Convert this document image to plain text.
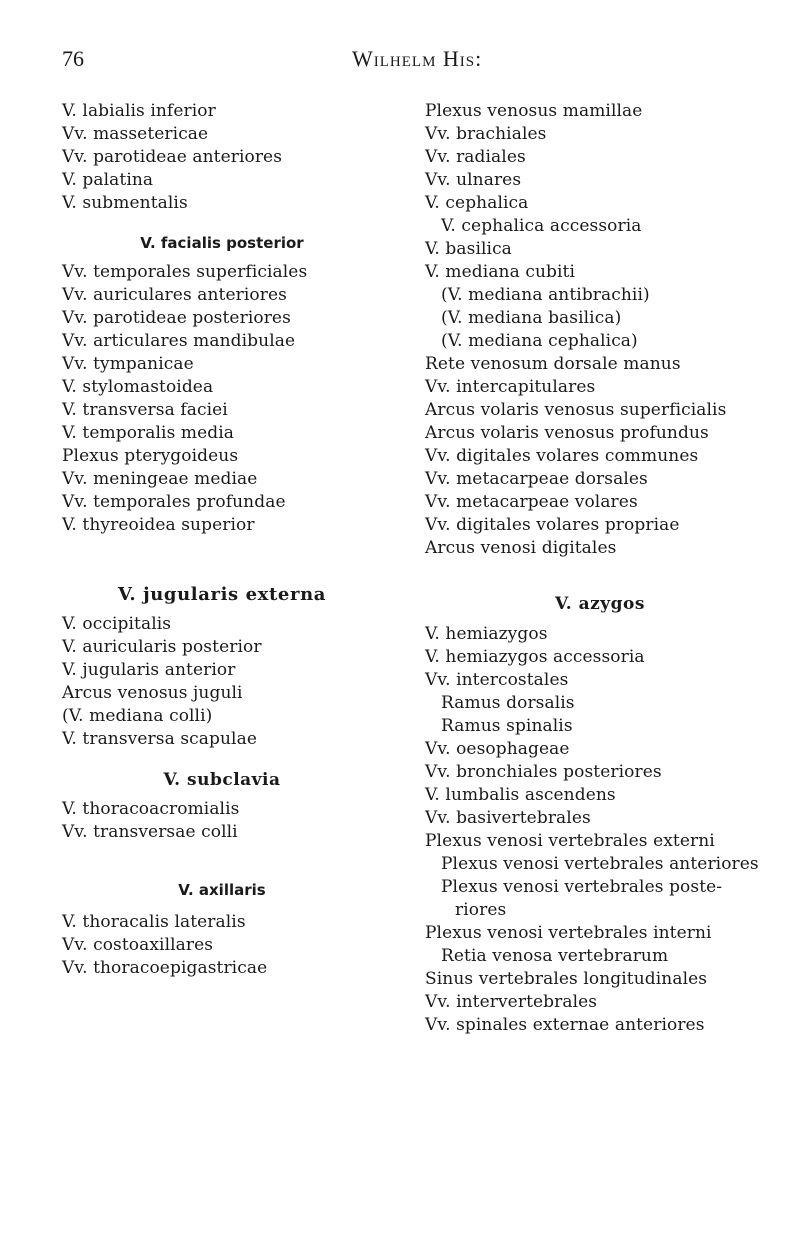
76	Wilhelm His:
V. labialis inferior
Vv. massetericae
Vv. parotideae anteriores
V. palatina
V. submentalis
V. facialis posterior
Vv. temporales superficiales
Vv. auriculares anteriores
Vv. parotideae posteriores
Vv. articulares mandibulae
Vv. tympanicae
V. stylomastoidea
V. transversa faciei
V. temporalis media
Plexus pterygoideus
Vv. meningeae mediae
Vv. temporales profundae
V. thyreoidea superior
V. jugularis externa
V. occipitalis
V. auricularis posterior
V. jugularis anterior
Arcus venosus juguli
(V. mediana colli)
V. transversa scapulae
V. subclavia
V. thoracoacromialis
Vv. transversae colli
V. axillaris
V. thoracalis lateralis
Vv. costoaxillares
Vv. thoracoepigastricae
Plexus venosus mamillae
Vv. brachiales
Vv. radiales
Vv. ulnares
V. cephalica
V. cephalica accessoria
V. basilica
V. mediana cubiti
(V. mediana antibrachii)
(V. mediana basilica)
(V. mediana cephalica)
Rete venosum dorsale manus
Vv. intercapitulares
Arcus volaris venosus superficialis
Arcus volaris venosus profundus
Vv. digitales volares communes
Vv. metacarpeae dorsales
Vv. metacarpeae volares
Vv. digitales volares propriae
Arcus venosi digitales
V. azygos
V. hemiazygos
V. hemiazygos accessoria
Vv. intercostales
Ramus dorsalis
Ramus spinalis
Vv. oesophageae
Vv. bronchiales posteriores
V. lumbalis ascendens
Vv. basivertebrales
Plexus venosi vertebrales externi
Plexus venosi vertebrales anteriores
Plexus venosi vertebrales poste-
riores
Plexus venosi vertebrales interni
Retia venosa vertebrarum
Sinus vertebrales longitudinales
Vv. intervertebrales
Vv. spinales externae anteriores
